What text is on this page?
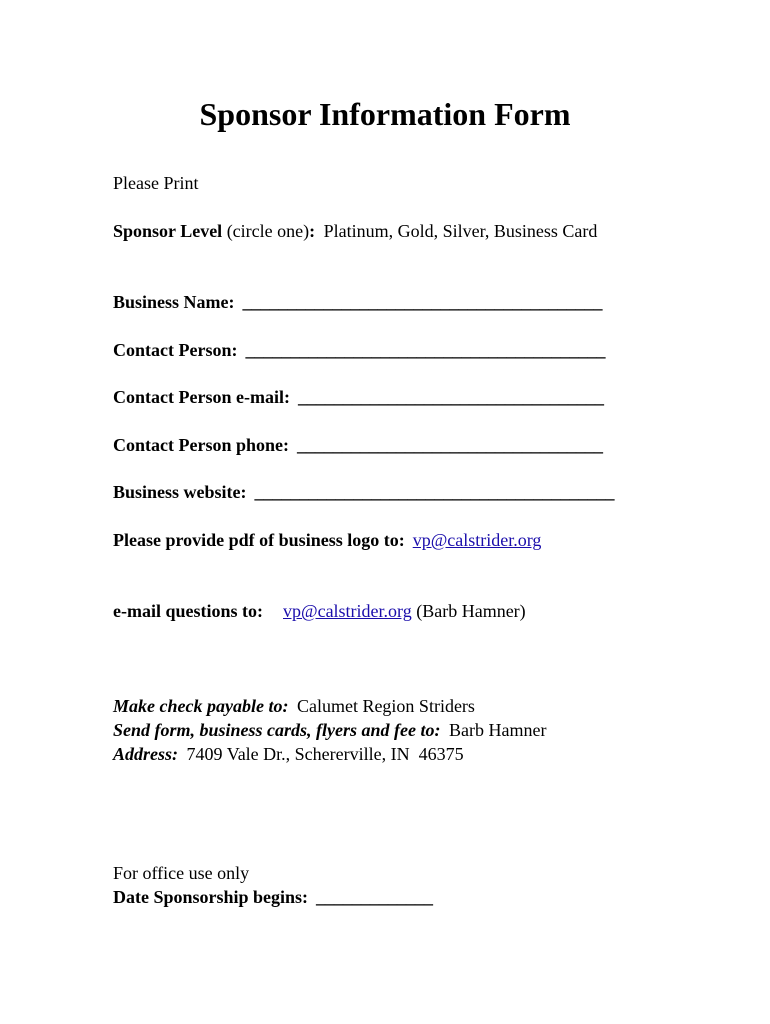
Sponsor Information Form
Please Print
Sponsor Level (circle one): Platinum, Gold, Silver, Business Card
Business Name: ________________________________________
Contact Person: ________________________________________
Contact Person e-mail: __________________________________
Contact Person phone: __________________________________
Business website: ________________________________________
Please provide pdf of business logo to: vp@calstrider.org
e-mail questions to: vp@calstrider.org (Barb Hamner)
Make check payable to: Calumet Region Striders
Send form, business cards, flyers and fee to: Barb Hamner
Address: 7409 Vale Dr., Schererville, IN  46375
For office use only
Date Sponsorship begins: _____________
